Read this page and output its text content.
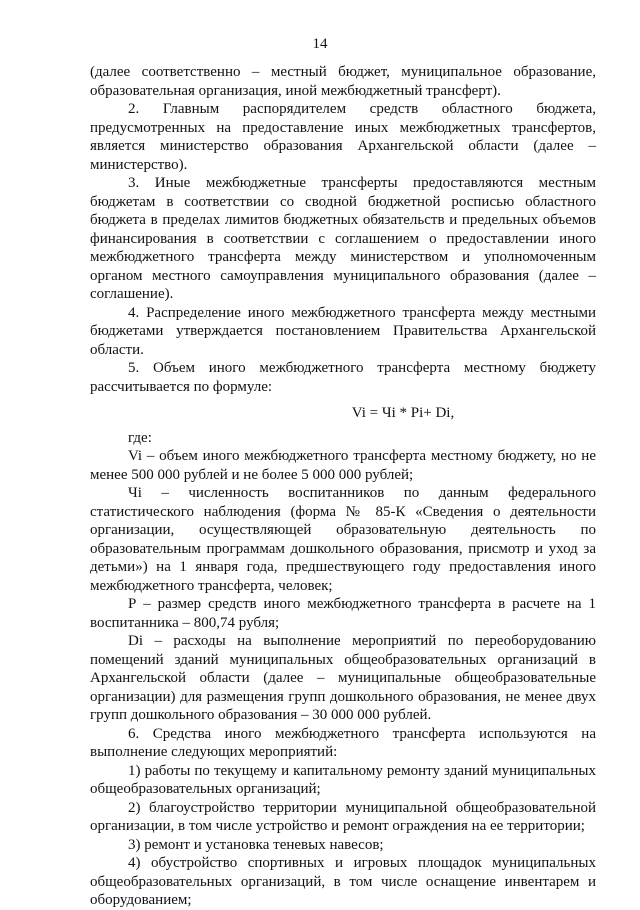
14

(далее соответственно – местный бюджет, муниципальное образование, образовательная организация, иной межбюджетный трансферт).

2. Главным распорядителем средств областного бюджета, предусмотренных на предоставление иных межбюджетных трансфертов, является министерство образования Архангельской области (далее – министерство).

3. Иные межбюджетные трансферты предоставляются местным бюджетам в соответствии со сводной бюджетной росписью областного бюджета в пределах лимитов бюджетных обязательств и предельных объемов финансирования в соответствии с соглашением о предоставлении иного межбюджетного трансферта между министерством и уполномоченным органом местного самоуправления муниципального образования (далее – соглашение).

4. Распределение иного межбюджетного трансферта между местными бюджетами утверждается постановлением Правительства Архангельской области.

5. Объем иного межбюджетного трансферта местному бюджету рассчитывается по формуле:

Vi = Чi * Pi+ Di,

где:

Vi – объем иного межбюджетного трансферта местному бюджету, но не менее 500 000 рублей и не более 5 000 000 рублей;

Чi – численность воспитанников по данным федерального статистического наблюдения (форма № 85-К «Сведения о деятельности организации, осуществляющей образовательную деятельность по образовательным программам дошкольного образования, присмотр и уход за детьми») на 1 января года, предшествующего году предоставления иного межбюджетного трансферта, человек;

Р – размер средств иного межбюджетного трансферта в расчете на 1 воспитанника – 800,74 рубля;

Di – расходы на выполнение мероприятий по переоборудованию помещений зданий муниципальных общеобразовательных организаций в Архангельской области (далее – муниципальные общеобразовательные организации) для размещения групп дошкольного образования, не менее двух групп дошкольного образования – 30 000 000 рублей.

6. Средства иного межбюджетного трансферта используются на выполнение следующих мероприятий:

1) работы по текущему и капитальному ремонту зданий муниципальных общеобразовательных организаций;

2) благоустройство территории муниципальной общеобразовательной организации, в том числе устройство и ремонт ограждения на ее территории;

3) ремонт и установка теневых навесов;

4) обустройство спортивных и игровых площадок муниципальных общеобразовательных организаций, в том числе оснащение инвентарем и оборудованием;
